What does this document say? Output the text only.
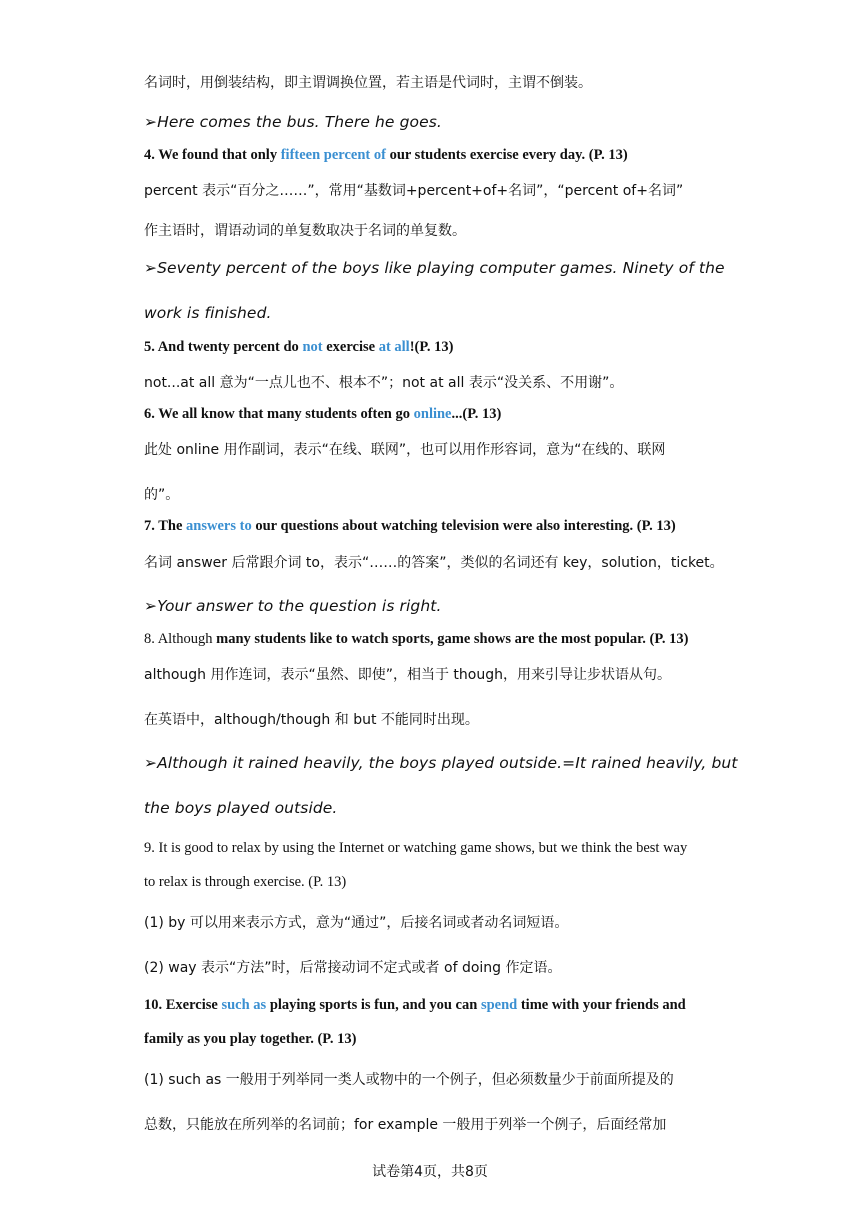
名词时，用倒装结构，即主谓调换位置，若主语是代词时，主谓不倒装。
➢Here comes the bus. There he goes.
4. We found that only fifteen percent of our students exercise every day. (P. 13)
percent 表示“百分之……”，常用“基数词+percent+of+名词”，“percent of+名词”
作主语时，谓语动词的单复数取决于名词的单复数。
➢Seventy percent of the boys like playing computer games. Ninety of the
work is finished.
5. And twenty percent do not exercise at all!(P. 13)
not...at all 意为“一点儿也不、根本不”；not at all 表示“没关系、不用谢”。
6. We all know that many students often go online...(P. 13)
此处 online 用作副词，表示“在线、联网”，也可以用作形容词，意为“在线的、联网
的”。
7. The answers to our questions about watching television were also interesting. (P. 13)
名词 answer 后常跟介词 to，表示“……的答案”，类似的名词还有 key，solution，ticket。
➢Your answer to the question is right.
8. Although many students like to watch sports, game shows are the most popular. (P. 13)
although 用作连词，表示“虽然、即使”，相当于 though，用来引导让步状语从句。
在英语中，although/though 和 but 不能同时出现。
➢Although it rained heavily, the boys played outside.=It rained heavily, but
the boys played outside.
9. It is good to relax by using the Internet or watching game shows, but we think the best way
to relax is through exercise. (P. 13)
(1) by 可以用来表示方式，意为“通过”，后接名词或者动名词短语。
(2) way 表示“方法”时，后常接动词不定式或者 of doing 作定语。
10. Exercise such as playing sports is fun, and you can spend time with your friends and
family as you play together. (P. 13)
(1) such as 一般用于列举同一类人或物中的一个例子，但必须数量少于前面所提及的
总数，只能放在所列举的名词前；for example 一般用于列举一个例子，后面经常加
试卷第4页，共8页
